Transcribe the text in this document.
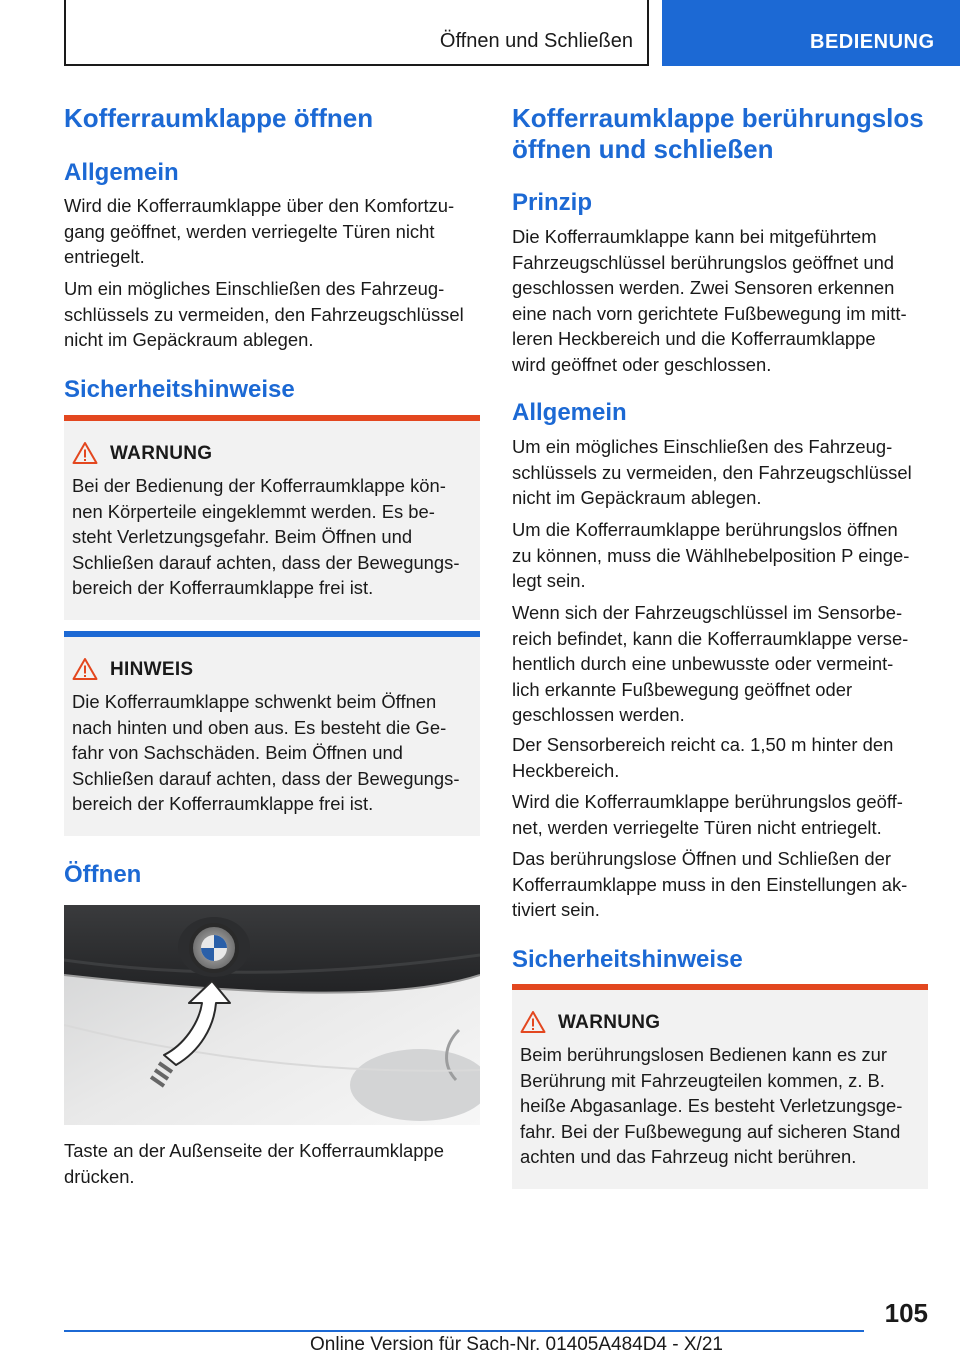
Öffnen und Schließen	BEDIENUNG
Kofferraumklappe öffnen
Allgemein
Wird die Kofferraumklappe über den Komfortzu-
gang geöffnet, werden verriegelte Türen nicht
entriegelt.
Um ein mögliches Einschließen des Fahrzeug-
schlüssels zu vermeiden, den Fahrzeugschlüssel
nicht im Gepäckraum ablegen.
Sicherheitshinweise
WARNUNG
Bei der Bedienung der Kofferraumklappe kön-
nen Körperteile eingeklemmt werden. Es be-
steht Verletzungsgefahr. Beim Öffnen und
Schließen darauf achten, dass der Bewegungs-
bereich der Kofferraumklappe frei ist.
HINWEIS
Die Kofferraumklappe schwenkt beim Öffnen
nach hinten und oben aus. Es besteht die Ge-
fahr von Sachschäden. Beim Öffnen und
Schließen darauf achten, dass der Bewegungs-
bereich der Kofferraumklappe frei ist.
Öffnen
Taste an der Außenseite der Kofferraumklappe
drücken.
Kofferraumklappe berührungslos
öffnen und schließen
Prinzip
Die Kofferraumklappe kann bei mitgeführtem
Fahrzeugschlüssel berührungslos geöffnet und
geschlossen werden. Zwei Sensoren erkennen
eine nach vorn gerichtete Fußbewegung im mitt-
leren Heckbereich und die Kofferraumklappe
wird geöffnet oder geschlossen.
Allgemein
Um ein mögliches Einschließen des Fahrzeug-
schlüssels zu vermeiden, den Fahrzeugschlüssel
nicht im Gepäckraum ablegen.
Um die Kofferraumklappe berührungslos öffnen
zu können, muss die Wählhebelposition P einge-
legt sein.
Wenn sich der Fahrzeugschlüssel im Sensorbe-
reich befindet, kann die Kofferraumklappe verse-
hentlich durch eine unbewusste oder vermeint-
lich erkannte Fußbewegung geöffnet oder
geschlossen werden.
Der Sensorbereich reicht ca. 1,50 m hinter den
Heckbereich.
Wird die Kofferraumklappe berührungslos geöff-
net, werden verriegelte Türen nicht entriegelt.
Das berührungslose Öffnen und Schließen der
Kofferraumklappe muss in den Einstellungen ak-
tiviert sein.
Sicherheitshinweise
WARNUNG
Beim berührungslosen Bedienen kann es zur
Berührung mit Fahrzeugteilen kommen, z. B.
heiße Abgasanlage. Es besteht Verletzungsge-
fahr. Bei der Fußbewegung auf sicheren Stand
achten und das Fahrzeug nicht berühren.
105
Online Version für Sach-Nr. 01405A484D4 - X/21
